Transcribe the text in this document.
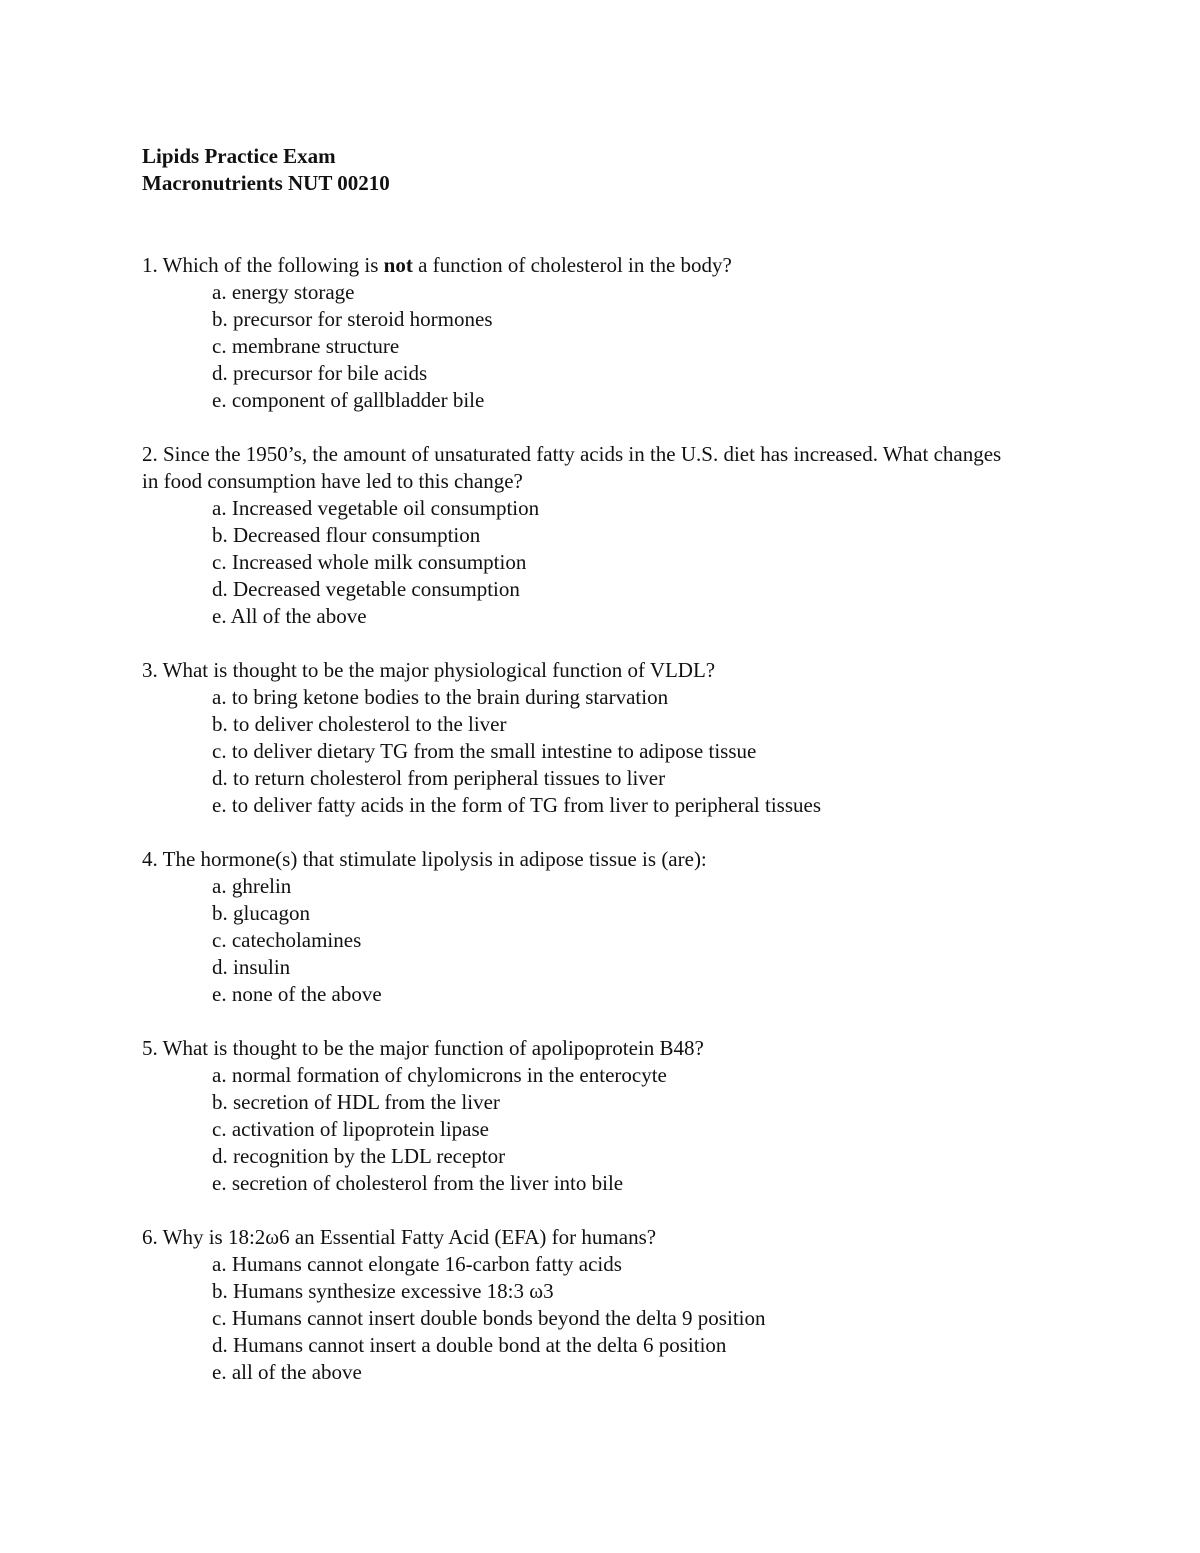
Lipids Practice Exam
Macronutrients NUT 00210
1. Which of the following is not a function of cholesterol in the body?
a. energy storage
b. precursor for steroid hormones
c. membrane structure
d. precursor for bile acids
e. component of gallbladder bile
2. Since the 1950’s, the amount of unsaturated fatty acids in the U.S. diet has increased. What changes in food consumption have led to this change?
a. Increased vegetable oil consumption
b. Decreased flour consumption
c. Increased whole milk consumption
d. Decreased vegetable consumption
e. All of the above
3. What is thought to be the major physiological function of VLDL?
a. to bring ketone bodies to the brain during starvation
b. to deliver cholesterol to the liver
c. to deliver dietary TG from the small intestine to adipose tissue
d. to return cholesterol from peripheral tissues to liver
e. to deliver fatty acids in the form of TG from liver to peripheral tissues
4. The hormone(s) that stimulate lipolysis in adipose tissue is (are):
a. ghrelin
b. glucagon
c. catecholamines
d. insulin
e. none of the above
5. What is thought to be the major function of apolipoprotein B48?
a. normal formation of chylomicrons in the enterocyte
b. secretion of HDL from the liver
c. activation of lipoprotein lipase
d. recognition by the LDL receptor
e. secretion of cholesterol from the liver into bile
6. Why is 18:2ω6 an Essential Fatty Acid (EFA) for humans?
a. Humans cannot elongate 16-carbon fatty acids
b. Humans synthesize excessive 18:3 ω3
c. Humans cannot insert double bonds beyond the delta 9 position
d. Humans cannot insert a double bond at the delta 6 position
e. all of the above
